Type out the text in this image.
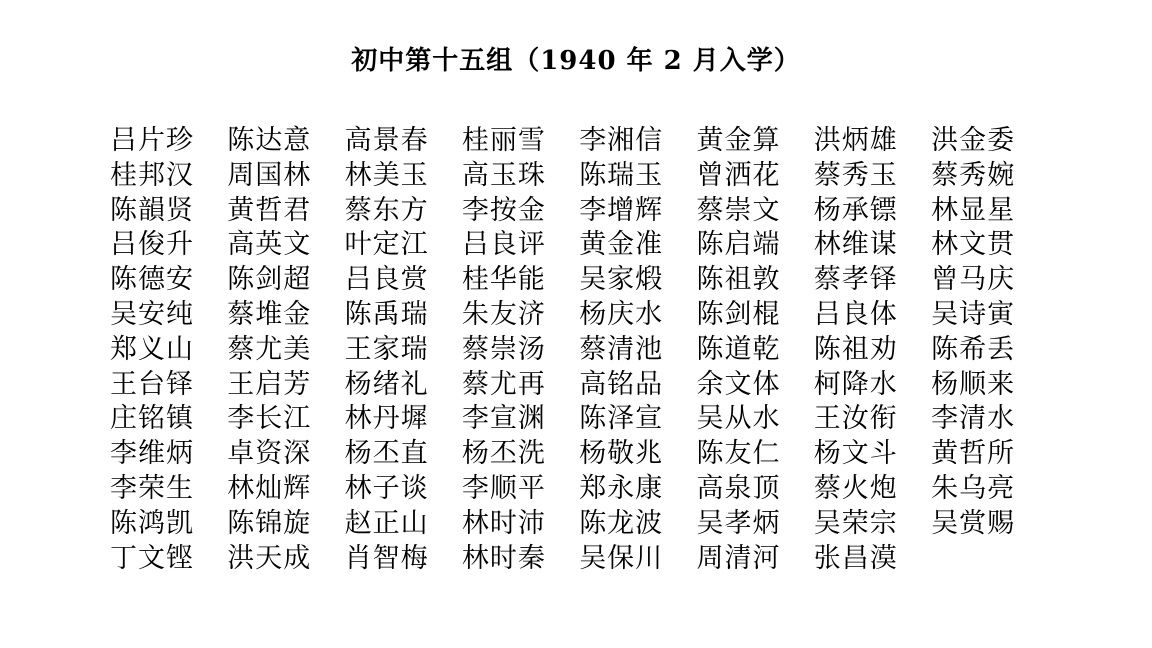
初中第十五组（1940 年 2 月入学）
吕片珍	陈达意	高景春	桂丽雪	李湘信	黄金算	洪炳雄	洪金委
桂邦汉	周国林	林美玉	高玉珠	陈瑞玉	曾洒花	蔡秀玉	蔡秀婉
陈韻贤	黄哲君	蔡东方	李按金	李增辉	蔡崇文	杨承镖	林显星
吕俊升	高英文	叶定江	吕良评	黄金准	陈启端	林维谋	林文贯
陈德安	陈剑超	吕良赏	桂华能	吴家煅	陈祖敦	蔡孝铎	曾马庆
吴安纯	蔡堆金	陈禹瑞	朱友济	杨庆水	陈剑棍	吕良体	吴诗寅
郑义山	蔡尤美	王家瑞	蔡崇汤	蔡清池	陈道乾	陈祖劝	陈希丢
王台铎	王启芳	杨绪礼	蔡尤再	高铭品	余文体	柯降水	杨顺来
庄铭镇	李长江	林丹墀	李宣渊	陈泽宣	吴从水	王汝衔	李清水
李维炳	卓资深	杨丕直	杨丕洗	杨敬兆	陈友仁	杨文斗	黄哲所
李荣生	林灿辉	林子谈	李顺平	郑永康	高泉顶	蔡火炮	朱乌亮
陈鸿凯	陈锦旋	赵正山	林时沛	陈龙波	吴孝炳	吴荣宗	吴赏赐
丁文铿	洪天成	肖智梅	林时秦	吴保川	周清河	张昌漠
